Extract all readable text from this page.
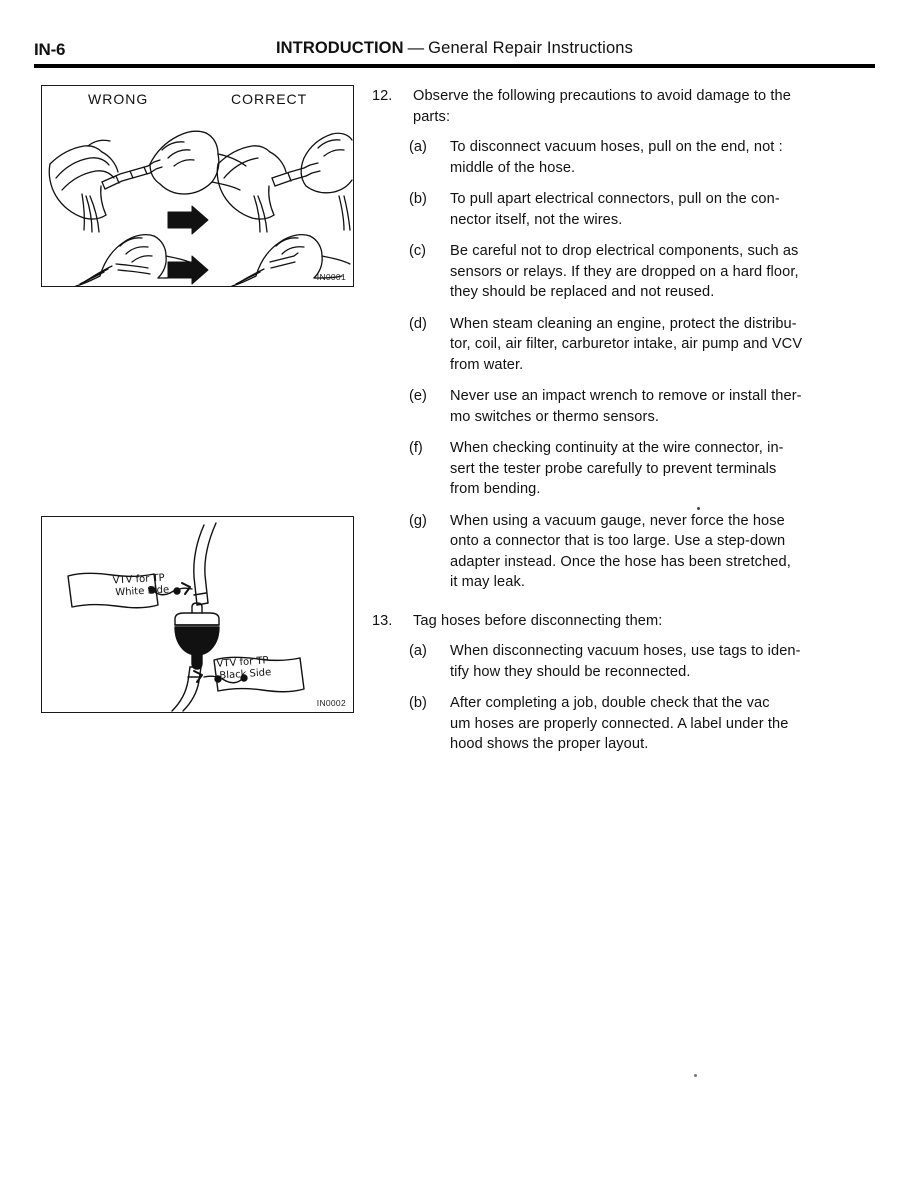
IN-6	INTRODUCTION — General Repair Instructions
WRONG	CORRECT
IN0001
VTV for TP
White Side
VTV for TP
Black Side
IN0002
12.	Observe the following precautions to avoid damage to the
parts:
(a)	To disconnect vacuum hoses, pull on the end, not :
middle of the hose.
(b)	To pull apart electrical connectors, pull on the con-
nector itself, not the wires.
(c)	Be careful not to drop electrical components, such as
sensors or relays. If they are dropped on a hard floor,
they should be replaced and not reused.
(d)	When steam cleaning an engine, protect the distribu-
tor, coil, air filter, carburetor intake, air pump and VCV
from water.
(e)	Never use an impact wrench to remove or install ther-
mo switches or thermo sensors.
(f)	When checking continuity at the wire connector, in-
sert the tester probe carefully to prevent terminals
from bending.
(g)	When using a vacuum gauge, never force the hose
onto a connector that is too large. Use a step-down
adapter instead. Once the hose has been stretched,
it may leak.
13.	Tag hoses before disconnecting them:
(a)	When disconnecting vacuum hoses, use tags to iden-
tify how they should be reconnected.
(b)	After completing a job, double check that the vac
um hoses are properly connected. A label under the
hood shows the proper layout.
